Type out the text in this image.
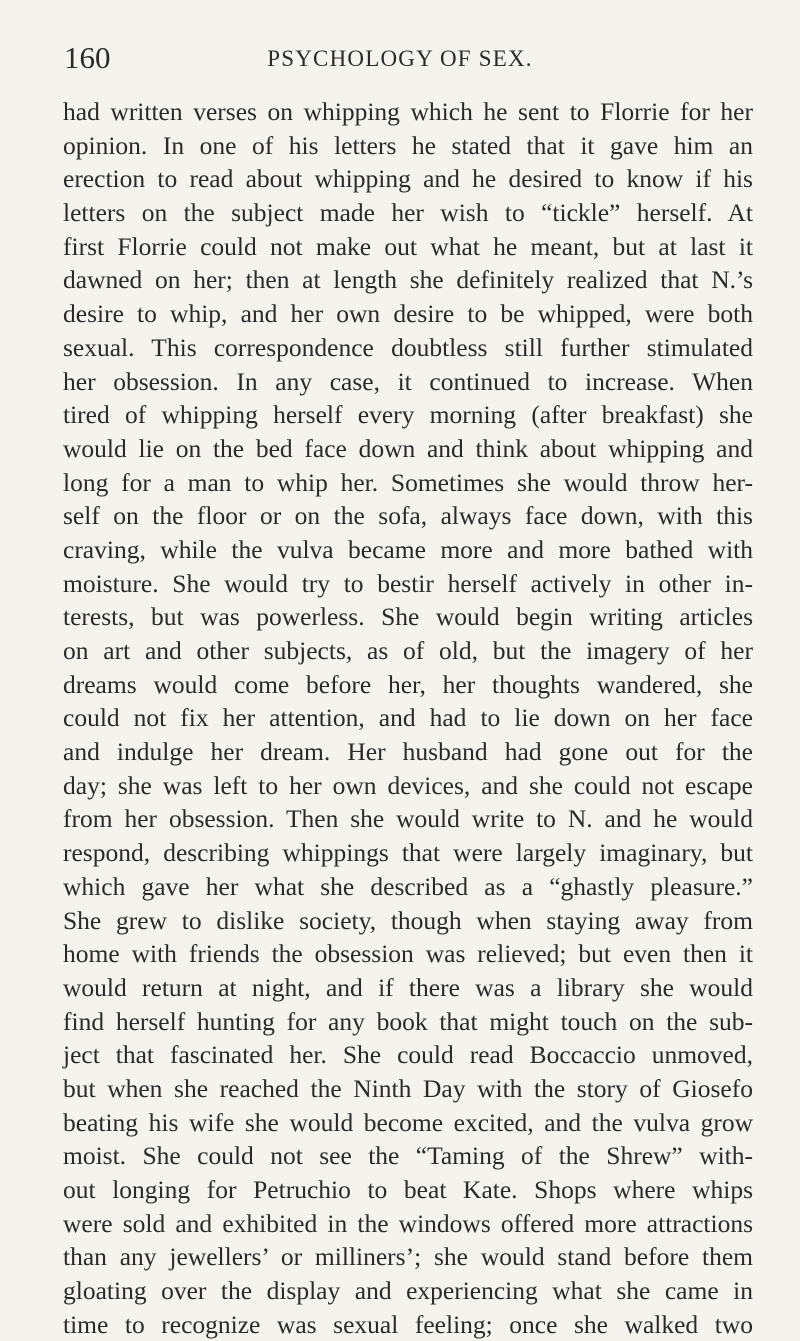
160	PSYCHOLOGY OF SEX.
had written verses on whipping which he sent to Florrie for her
opinion. In one of his letters he stated that it gave him an
erection to read about whipping and he desired to know if his
letters on the subject made her wish to “tickle” herself. At
first Florrie could not make out what he meant, but at last it
dawned on her; then at length she definitely realized that N.’s
desire to whip, and her own desire to be whipped, were both
sexual. This correspondence doubtless still further stimulated
her obsession. In any case, it continued to increase. When
tired of whipping herself every morning (after breakfast) she
would lie on the bed face down and think about whipping and
long for a man to whip her. Sometimes she would throw her-
self on the floor or on the sofa, always face down, with this
craving, while the vulva became more and more bathed with
moisture. She would try to bestir herself actively in other in-
terests, but was powerless. She would begin writing articles
on art and other subjects, as of old, but the imagery of her
dreams would come before her, her thoughts wandered, she
could not fix her attention, and had to lie down on her face
and indulge her dream. Her husband had gone out for the
day; she was left to her own devices, and she could not escape
from her obsession. Then she would write to N. and he would
respond, describing whippings that were largely imaginary, but
which gave her what she described as a “ghastly pleasure.”
She grew to dislike society, though when staying away from
home with friends the obsession was relieved; but even then it
would return at night, and if there was a library she would
find herself hunting for any book that might touch on the sub-
ject that fascinated her. She could read Boccaccio unmoved,
but when she reached the Ninth Day with the story of Giosefo
beating his wife she would become excited, and the vulva grow
moist. She could not see the “Taming of the Shrew” with-
out longing for Petruchio to beat Kate. Shops where whips
were sold and exhibited in the windows offered more attractions
than any jewellers’ or milliners’; she would stand before them
gloating over the display and experiencing what she came in
time to recognize was sexual feeling; once she walked two
